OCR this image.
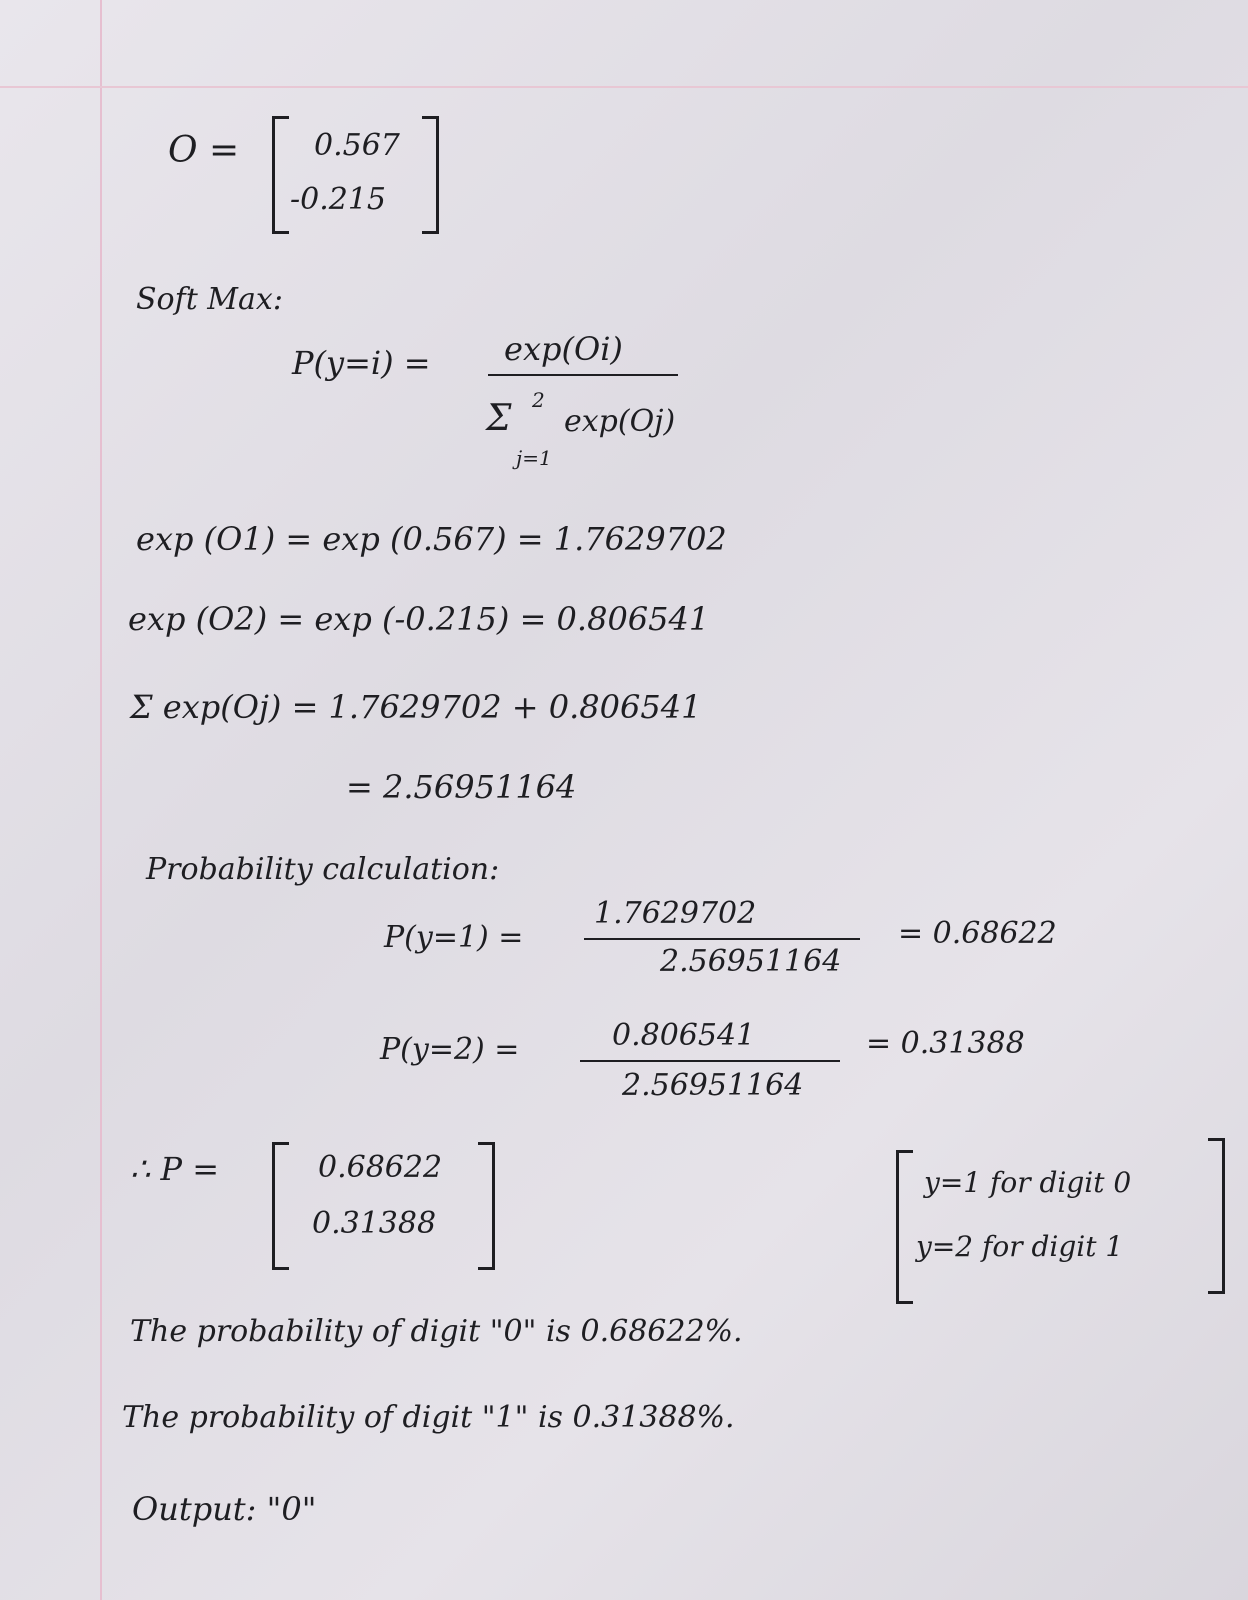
O = 0.567
-0.215
Soft Max:
P(y=i) = exp(Oi)
Σ 2
j=1
exp(Oj)
exp (O1) = exp (0.567) = 1.7629702
exp (O2) = exp (-0.215) = 0.806541
Σ exp(Oj) = 1.7629702 + 0.806541
= 2.56951164
Probability calculation:
P(y=1) =
1.7629702
2.56951164
= 0.68622
P(y=2) =	0.806541
2.56951164
= 0.31388
∴ P =	0.68622
0.31388
y=1 for digit 0
y=2 for digit 1
The probability of digit "0" is 0.68622%.
The probability of digit "1" is 0.31388%.
Output: "0"
